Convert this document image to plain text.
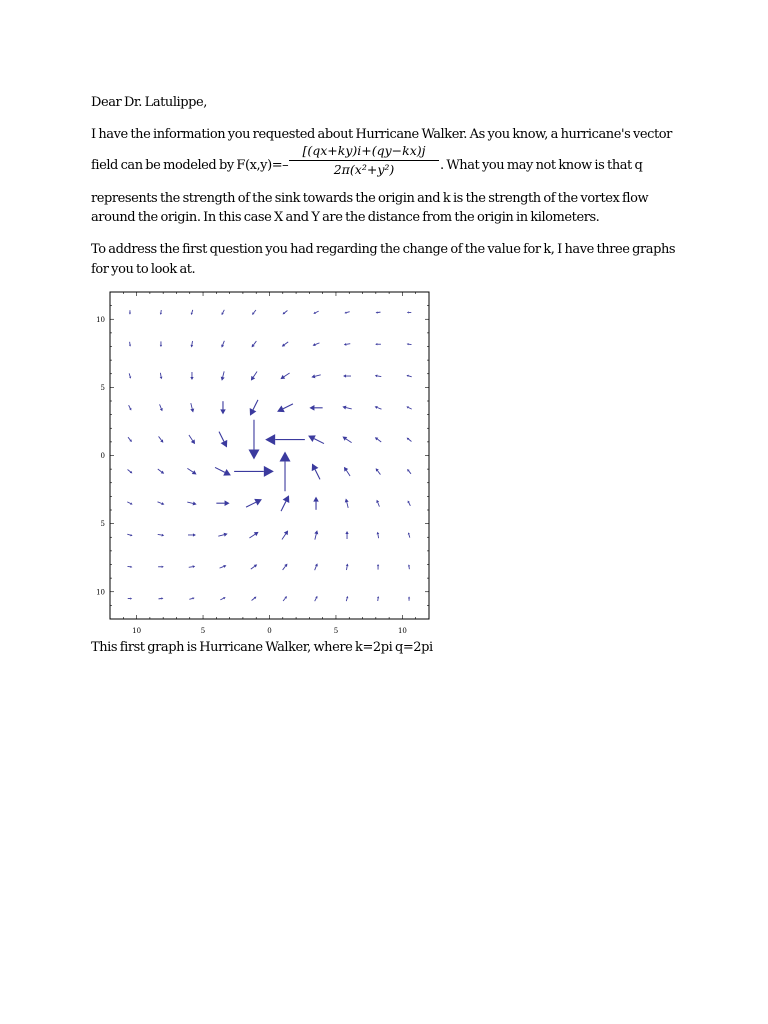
Dear Dr. Latulippe,
I have the information you requested about Hurricane Walker. As you know, a hurricane's vector
field can be modeled by F(x,y)=–
[(qx+ky)i+(qy−kx)j
2π(x²+y²)	. What you may not know is that q
represents the strength of the sink towards the origin and k is the strength of the vortex flow
around the origin. In this case X and Y are the distance from the origin in kilometers.
To address the first question you had regarding the change of the value for k, I have three graphs
for you to look at.
10	5	0	5	10
10
5
0
5
10
This first graph is Hurricane Walker, where k=2pi q=2pi
